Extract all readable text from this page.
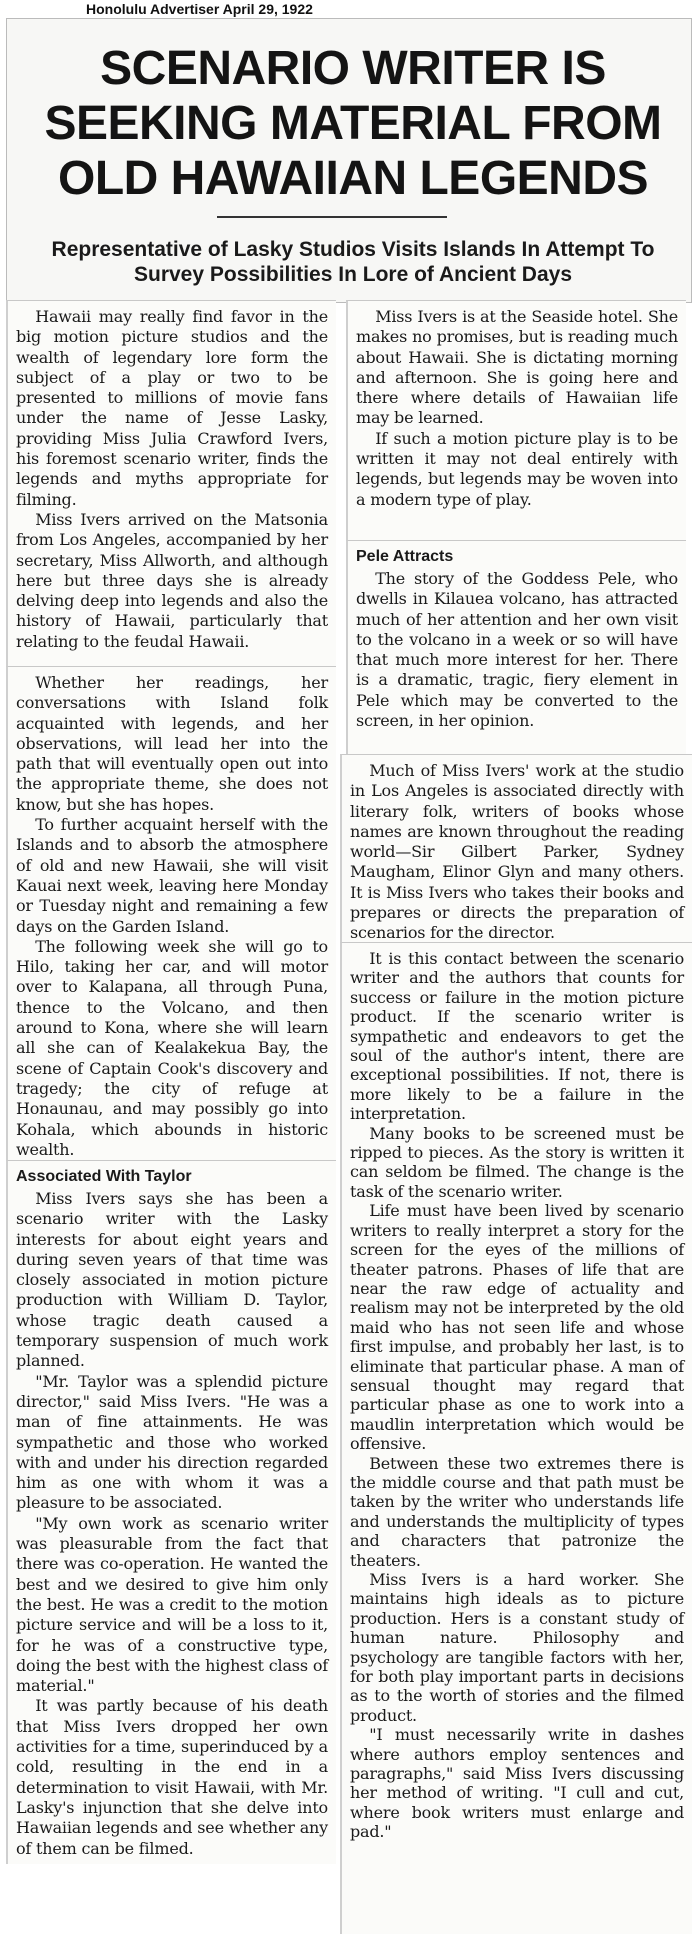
Honolulu Advertiser April 29, 1922
SCENARIO WRITER IS SEEKING MATERIAL FROM OLD HAWAIIAN LEGENDS
Representative of Lasky Studios Visits Islands In Attempt To Survey Possibilities In Lore of Ancient Days

Hawaii may really find favor in the big motion picture studios and the wealth of legendary lore form the subject of a play or two to be presented to millions of movie fans under the name of Jesse Lasky, providing Miss Julia Crawford Ivers, his foremost scenario writer, finds the legends and myths appropriate for filming.

Miss Ivers arrived on the Matsonia from Los Angeles, accompanied by her secretary, Miss Allworth, and although here but three days she is already delving deep into legends and also the history of Hawaii, particularly that relating to the feudal Hawaii.

Whether her readings, her conversations with Island folk acquainted with legends, and her observations, will lead her into the path that will eventually open out into the appropriate theme, she does not know, but she has hopes.

To further acquaint herself with the Islands and to absorb the atmosphere of old and new Hawaii, she will visit Kauai next week, leaving here Monday or Tuesday night and remaining a few days on the Garden Island.

The following week she will go to Hilo, taking her car, and will motor over to Kalapana, all through Puna, thence to the Volcano, and then around to Kona, where she will learn all she can of Kealakekua Bay, the scene of Captain Cook's discovery and tragedy; the city of refuge at Honaunau, and may possibly go into Kohala, which abounds in historic wealth.

Associated With Taylor

Miss Ivers says she has been a scenario writer with the Lasky interests for about eight years and during seven years of that time was closely associated in motion picture production with William D. Taylor, whose tragic death caused a temporary suspension of much work planned.

"Mr. Taylor was a splendid picture director," said Miss Ivers. "He was a man of fine attainments. He was sympathetic and those who worked with and under his direction regarded him as one with whom it was a pleasure to be associated.

"My own work as scenario writer was pleasurable from the fact that there was co-operation. He wanted the best and we desired to give him only the best. He was a credit to the motion picture service and will be a loss to it, for he was of a constructive type, doing the best with the highest class of material."

It was partly because of his death that Miss Ivers dropped her own activities for a time, superinduced by a cold, resulting in the end in a determination to visit Hawaii, with Mr. Lasky's injunction that she delve into Hawaiian legends and see whether any of them can be filmed.

Miss Ivers is at the Seaside hotel. She makes no promises, but is reading much about Hawaii. She is dictating morning and afternoon. She is going here and there where details of Hawaiian life may be learned.

If such a motion picture play is to be written it may not deal entirely with legends, but legends may be woven into a modern type of play.

Pele Attracts

The story of the Goddess Pele, who dwells in Kilauea volcano, has attracted much of her attention and her own visit to the volcano in a week or so will have that much more interest for her. There is a dramatic, tragic, fiery element in Pele which may be converted to the screen, in her opinion.

Much of Miss Ivers' work at the studio in Los Angeles is associated directly with literary folk, writers of books whose names are known throughout the reading world—Sir Gilbert Parker, Sydney Maugham, Elinor Glyn and many others. It is Miss Ivers who takes their books and prepares or directs the preparation of scenarios for the director.

It is this contact between the scenario writer and the authors that counts for success or failure in the motion picture product. If the scenario writer is sympathetic and endeavors to get the soul of the author's intent, there are exceptional possibilities. If not, there is more likely to be a failure in the interpretation.

Many books to be screened must be ripped to pieces. As the story is written it can seldom be filmed. The change is the task of the scenario writer.

Life must have been lived by scenario writers to really interpret a story for the screen for the eyes of the millions of theater patrons. Phases of life that are near the raw edge of actuality and realism may not be interpreted by the old maid who has not seen life and whose first impulse, and probably her last, is to eliminate that particular phase. A man of sensual thought may regard that particular phase as one to work into a maudlin interpretation which would be offensive.

Between these two extremes there is the middle course and that path must be taken by the writer who understands life and understands the multiplicity of types and characters that patronize the theaters.

Miss Ivers is a hard worker. She maintains high ideals as to picture production. Hers is a constant study of human nature. Philosophy and psychology are tangible factors with her, for both play important parts in decisions as to the worth of stories and the filmed product.

"I must necessarily write in dashes where authors employ sentences and paragraphs," said Miss Ivers discussing her method of writing. "I cull and cut, where book writers must enlarge and pad."
